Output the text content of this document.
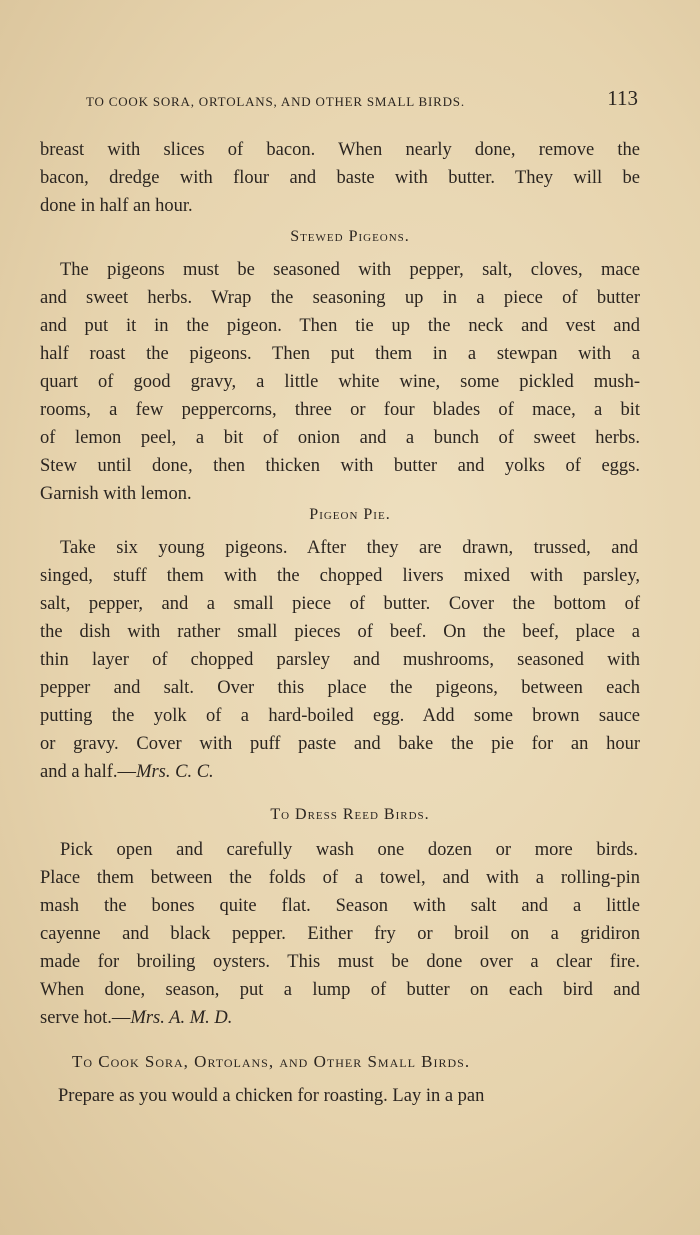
TO COOK SORA, ORTOLANS, AND OTHER SMALL BIRDS.	113
breast with slices of bacon. When nearly done, remove the
bacon, dredge with flour and baste with butter. They will be
done in half an hour.
Stewed Pigeons.
The pigeons must be seasoned with pepper, salt, cloves, mace
and sweet herbs. Wrap the seasoning up in a piece of butter
and put it in the pigeon. Then tie up the neck and vest and
half roast the pigeons. Then put them in a stewpan with a
quart of good gravy, a little white wine, some pickled mush-
rooms, a few peppercorns, three or four blades of mace, a bit
of lemon peel, a bit of onion and a bunch of sweet herbs.
Stew until done, then thicken with butter and yolks of eggs.
Garnish with lemon.
Pigeon Pie.
Take six young pigeons. After they are drawn, trussed, and
singed, stuff them with the chopped livers mixed with parsley,
salt, pepper, and a small piece of butter. Cover the bottom of
the dish with rather small pieces of beef. On the beef, place a
thin layer of chopped parsley and mushrooms, seasoned with
pepper and salt. Over this place the pigeons, between each
putting the yolk of a hard-boiled egg. Add some brown sauce
or gravy. Cover with puff paste and bake the pie for an hour
and a half.—Mrs. C. C.
To Dress Reed Birds.
Pick open and carefully wash one dozen or more birds.
Place them between the folds of a towel, and with a rolling-pin
mash the bones quite flat. Season with salt and a little
cayenne and black pepper. Either fry or broil on a gridiron
made for broiling oysters. This must be done over a clear fire.
When done, season, put a lump of butter on each bird and
serve hot.—Mrs. A. M. D.
To Cook Sora, Ortolans, and Other Small Birds.
Prepare as you would a chicken for roasting. Lay in a pan
